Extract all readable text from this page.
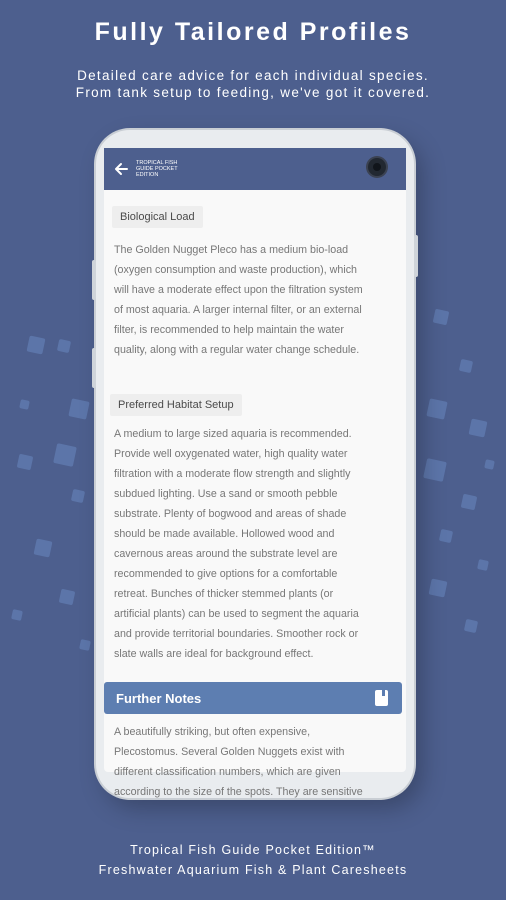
Fully Tailored Profiles
Detailed care advice for each individual species.
From tank setup to feeding, we've got it covered.
TROPICAL FISH
GUIDE POCKET
EDITION
Biological Load
The Golden Nugget Pleco has a medium bio-load
(oxygen consumption and waste production), which
will have a moderate effect upon the filtration system
of most aquaria. A larger internal filter, or an external
filter, is recommended to help maintain the water
quality, along with a regular water change schedule.
Preferred Habitat Setup
A medium to large sized aquaria is recommended.
Provide well oxygenated water, high quality water
filtration with a moderate flow strength and slightly
subdued lighting. Use a sand or smooth pebble
substrate. Plenty of bogwood and areas of shade
should be made available. Hollowed wood and
cavernous areas around the substrate level are
recommended to give options for a comfortable
retreat. Bunches of thicker stemmed plants (or
artificial plants) can be used to segment the aquaria
and provide territorial boundaries. Smoother rock or
slate walls are ideal for background effect.
Further Notes
A beautifully striking, but often expensive,
Plecostomus. Several Golden Nuggets exist with
different classification numbers, which are given
according to the size of the spots. They are sensitive
Tropical Fish Guide Pocket Edition™
Freshwater Aquarium Fish & Plant Caresheets
